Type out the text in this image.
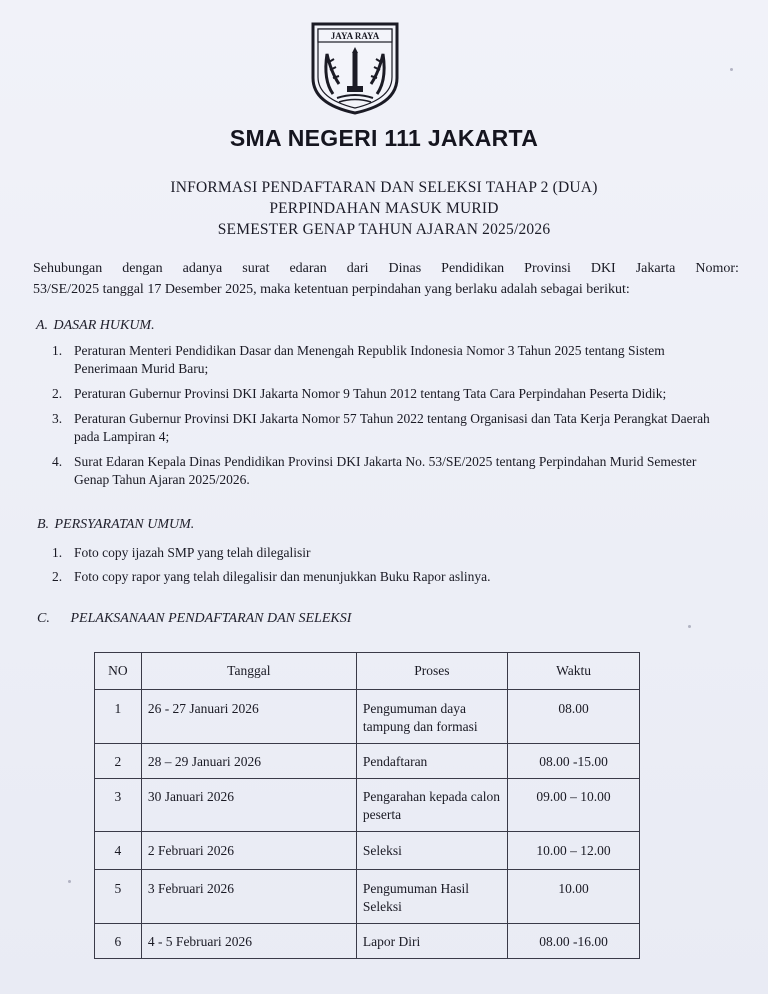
JAYA RAYA
SMA NEGERI 111 JAKARTA
INFORMASI PENDAFTARAN DAN SELEKSI TAHAP 2 (DUA)
PERPINDAHAN MASUK MURID
SEMESTER GENAP TAHUN AJARAN 2025/2026
Sehubungan dengan adanya surat edaran dari Dinas Pendidikan Provinsi DKI Jakarta Nomor:
53/SE/2025 tanggal 17 Desember 2025, maka ketentuan perpindahan yang berlaku adalah sebagai berikut:
A. DASAR HUKUM.
1. Peraturan Menteri Pendidikan Dasar dan Menengah Republik Indonesia Nomor 3 Tahun 2025 tentang Sistem Penerimaan Murid Baru;
2. Peraturan Gubernur Provinsi DKI Jakarta Nomor 9 Tahun 2012 tentang Tata Cara Perpindahan Peserta Didik;
3. Peraturan Gubernur Provinsi DKI Jakarta Nomor 57 Tahun 2022 tentang Organisasi dan Tata Kerja Perangkat Daerah pada Lampiran 4;
4. Surat Edaran Kepala Dinas Pendidikan Provinsi DKI Jakarta No. 53/SE/2025 tentang Perpindahan Murid Semester Genap Tahun Ajaran 2025/2026.
B. PERSYARATAN UMUM.
1. Foto copy ijazah SMP yang telah dilegalisir
2. Foto copy rapor yang telah dilegalisir dan menunjukkan Buku Rapor aslinya.
C. PELAKSANAAN PENDAFTARAN DAN SELEKSI
NO	Tanggal	Proses	Waktu
1	26 - 27 Januari 2026	Pengumuman daya tampung dan formasi	08.00
2	28 – 29 Januari 2026	Pendaftaran	08.00 -15.00
3	30 Januari 2026	Pengarahan kepada calon peserta	09.00 – 10.00
4	2 Februari 2026	Seleksi	10.00 – 12.00
5	3 Februari 2026	Pengumuman Hasil Seleksi	10.00
6	4 - 5 Februari 2026	Lapor Diri	08.00 -16.00
